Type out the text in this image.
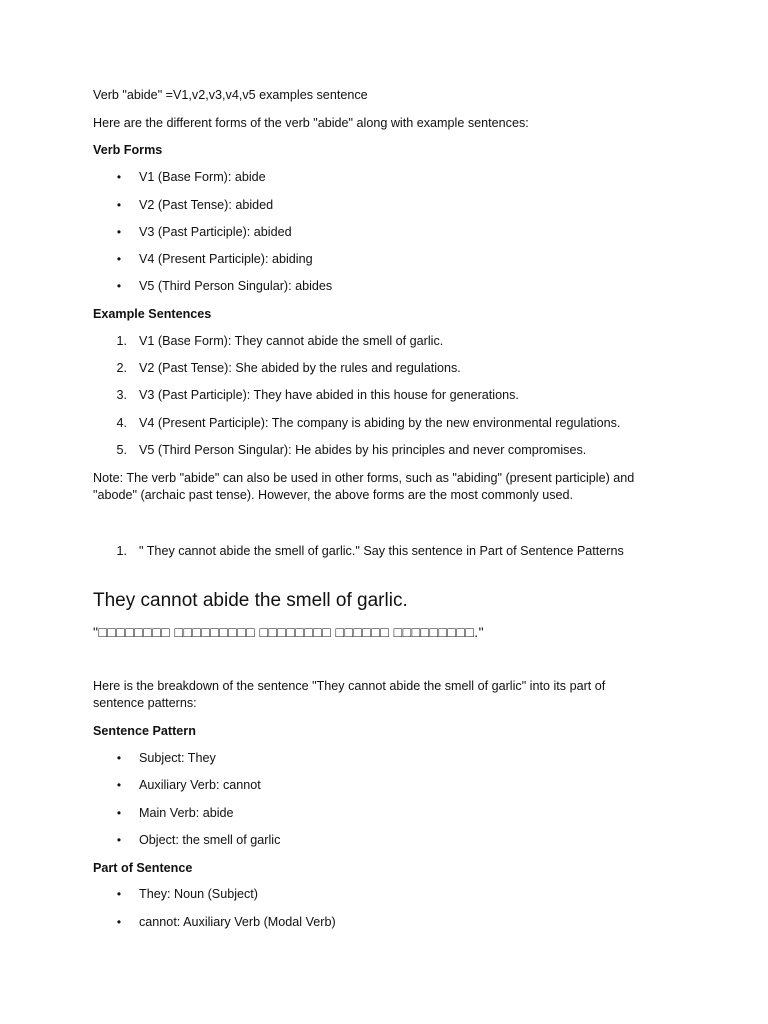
Verb "abide" =V1,v2,v3,v4,v5 examples sentence

Here are the different forms of the verb "abide" along with example sentences:

Verb Forms

• V1 (Base Form): abide
• V2 (Past Tense): abided
• V3 (Past Participle): abided
• V4 (Present Participle): abiding
• V5 (Third Person Singular): abides

Example Sentences

1. V1 (Base Form): They cannot abide the smell of garlic.
2. V2 (Past Tense): She abided by the rules and regulations.
3. V3 (Past Participle): They have abided in this house for generations.
4. V4 (Present Participle): The company is abiding by the new environmental regulations.
5. V5 (Third Person Singular): He abides by his principles and never compromises.

Note: The verb "abide" can also be used in other forms, such as "abiding" (present participle) and

"abode" (archaic past tense). However, the above forms are the most commonly used.

1. " They cannot abide the smell of garlic." Say this sentence in Part of Sentence Patterns
They cannot abide the smell of garlic.
"□□□□□□□□ □□□□□□□□□ □□□□□□□□ □□□□□□ □□□□□□□□□."

Here is the breakdown of the sentence "They cannot abide the smell of garlic" into its part of

sentence patterns:

Sentence Pattern

• Subject: They
• Auxiliary Verb: cannot
• Main Verb: abide
• Object: the smell of garlic

Part of Sentence

• They: Noun (Subject)
• cannot: Auxiliary Verb (Modal Verb)
